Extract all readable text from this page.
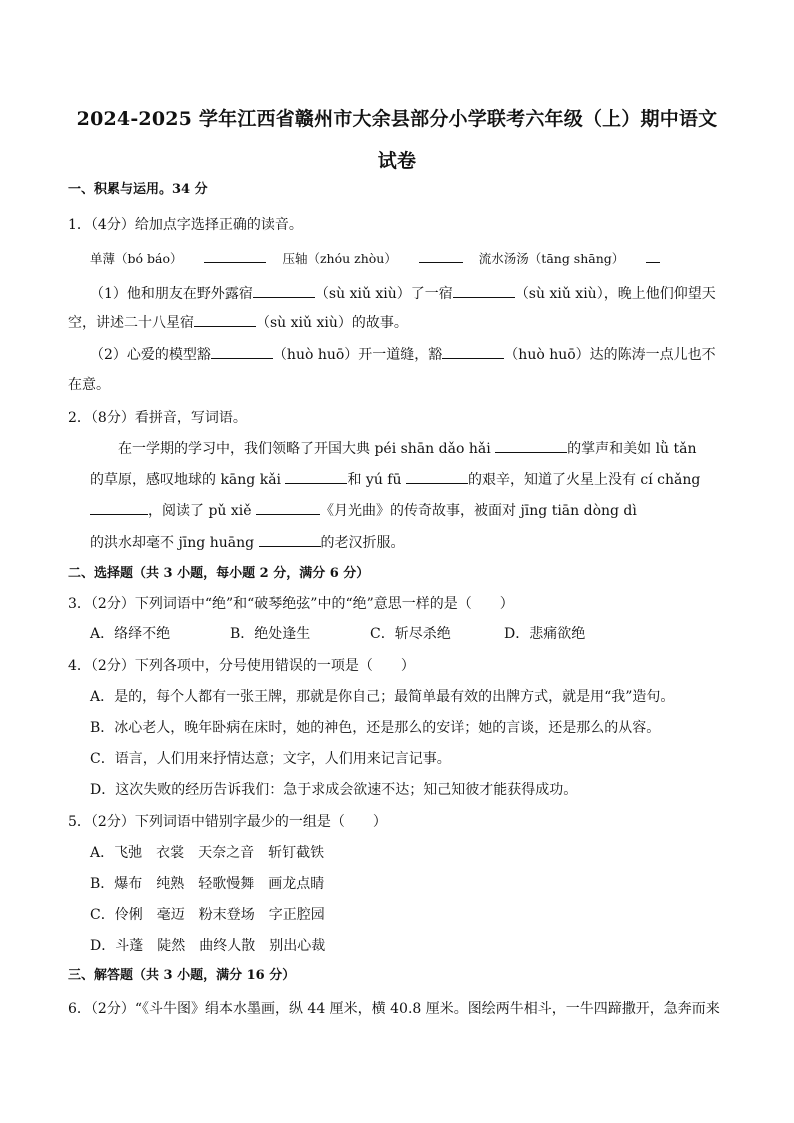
2024-2025 学年江西省赣州市大余县部分小学联考六年级（上）期中语文
试卷
一、积累与运用。34 分
1．（4分）给加点字选择正确的读音。
单薄（bó báo）	压轴（zhóu zhòu）	流水汤汤（tāng shāng）
（1）他和朋友在野外露宿	（sù xiǔ xiù）了一宿	（sù xiǔ xiù），晚上他们仰望天
空，讲述二十八星宿	（sù xiǔ xiù）的故事。
（2）心爱的模型豁	（huò huō）开一道缝，豁	（huò huō）达的陈涛一点儿也不
在意。
2．（8分）看拼音，写词语。
在一学期的学习中，我们领略了开国大典 péi shān dǎo hǎi	的掌声和美如 lǜ tǎn
的草原，感叹地球的 kāng kǎi	和 yú fū	的艰辛，知道了火星上没有 cí chǎng
，阅读了 pǔ xiě	《月光曲》的传奇故事，被面对 jīng tiān dòng dì
的洪水却毫不 jīng huāng	的老汉折服。
二、选择题（共 3 小题，每小题 2 分，满分 6 分）
3．（2分）下列词语中“绝”和“破琴绝弦”中的“绝”意思一样的是（　　）
A．络绎不绝	B．绝处逢生	C．斩尽杀绝	D．悲痛欲绝
4．（2分）下列各项中，分号使用错误的一项是（　　）
A．是的，每个人都有一张王牌，那就是你自己；最简单最有效的出牌方式，就是用“我”造句。
B．冰心老人，晚年卧病在床时，她的神色，还是那么的安详；她的言谈，还是那么的从容。
C．语言，人们用来抒情达意；文字，人们用来记言记事。
D．这次失败的经历告诉我们：急于求成会欲速不达；知己知彼才能获得成功。
5．（2分）下列词语中错别字最少的一组是（　　）
A．飞弛　衣裳　天奈之音　斩钉截铁
B．爆布　纯熟　轻歌慢舞　画龙点睛
C．伶俐　毫迈　粉末登场　字正腔园
D．斗蓬　陡然　曲终人散　别出心裁
三、解答题（共 3 小题，满分 16 分）
6．（2分）“《斗牛图》绢本水墨画，纵 44 厘米，横 40.8 厘米。图绘两牛相斗，一牛四蹄撒开，急奔而来
